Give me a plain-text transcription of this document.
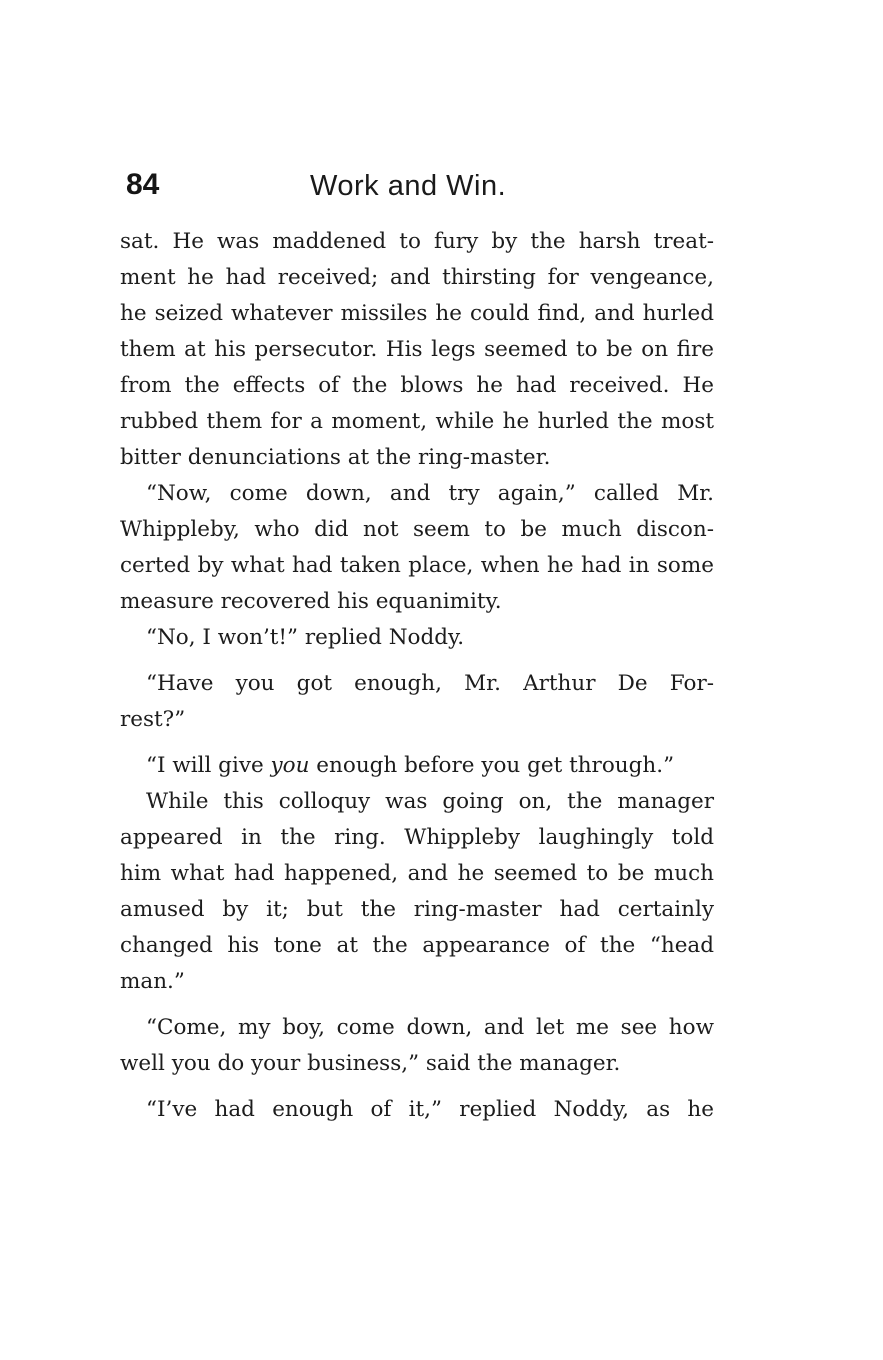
84	Work and Win.
sat. He was maddened to fury by the harsh treat-
ment he had received; and thirsting for vengeance,
he seized whatever missiles he could find, and hurled
them at his persecutor. His legs seemed to be on fire
from the effects of the blows he had received. He
rubbed them for a moment, while he hurled the most
bitter denunciations at the ring-master.
“Now, come down, and try again,” called Mr.
Whippleby, who did not seem to be much discon-
certed by what had taken place, when he had in some
measure recovered his equanimity.
“No, I won’t!” replied Noddy.
“Have you got enough, Mr. Arthur De For-
rest?”
“I will give you enough before you get through.”
While this colloquy was going on, the manager
appeared in the ring. Whippleby laughingly told
him what had happened, and he seemed to be much
amused by it; but the ring-master had certainly
changed his tone at the appearance of the “head
man.”
“Come, my boy, come down, and let me see how
well you do your business,” said the manager.
“I’ve had enough of it,” replied Noddy, as he
